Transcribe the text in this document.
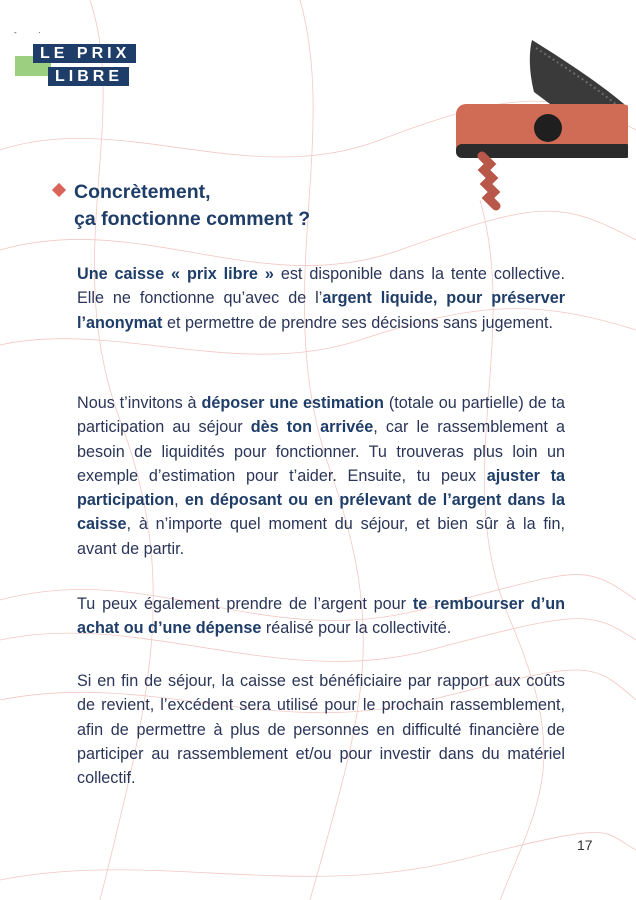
-	·
LE PRIX
LIBRE
Concrètement,
ça fonctionne comment ?
Une caisse « prix libre » est disponible dans la tente collective. Elle ne fonctionne qu’avec de l’argent liquide, pour préserver l’anonymat et permettre de prendre ses décisions sans jugement.
Nous t’invitons à déposer une estimation (totale ou partielle) de ta participation au séjour dès ton arrivée, car le rassemblement a besoin de liquidités pour fonctionner. Tu trouveras plus loin un exemple d’estimation pour t’aider. Ensuite, tu peux ajuster ta participation, en déposant ou en prélevant de l’argent dans la caisse, à n’importe quel moment du séjour, et bien sûr à la fin, avant de partir.
Tu peux également prendre de l’argent pour te rembourser d’un achat ou d’une dépense réalisé pour la collectivité.
Si en fin de séjour, la caisse est bénéficiaire par rapport aux coûts de revient, l’excédent sera utilisé pour le prochain rassemblement, afin de permettre à plus de personnes en difficulté financière de participer au rassemblement et/ou pour investir dans du matériel collectif.
17
